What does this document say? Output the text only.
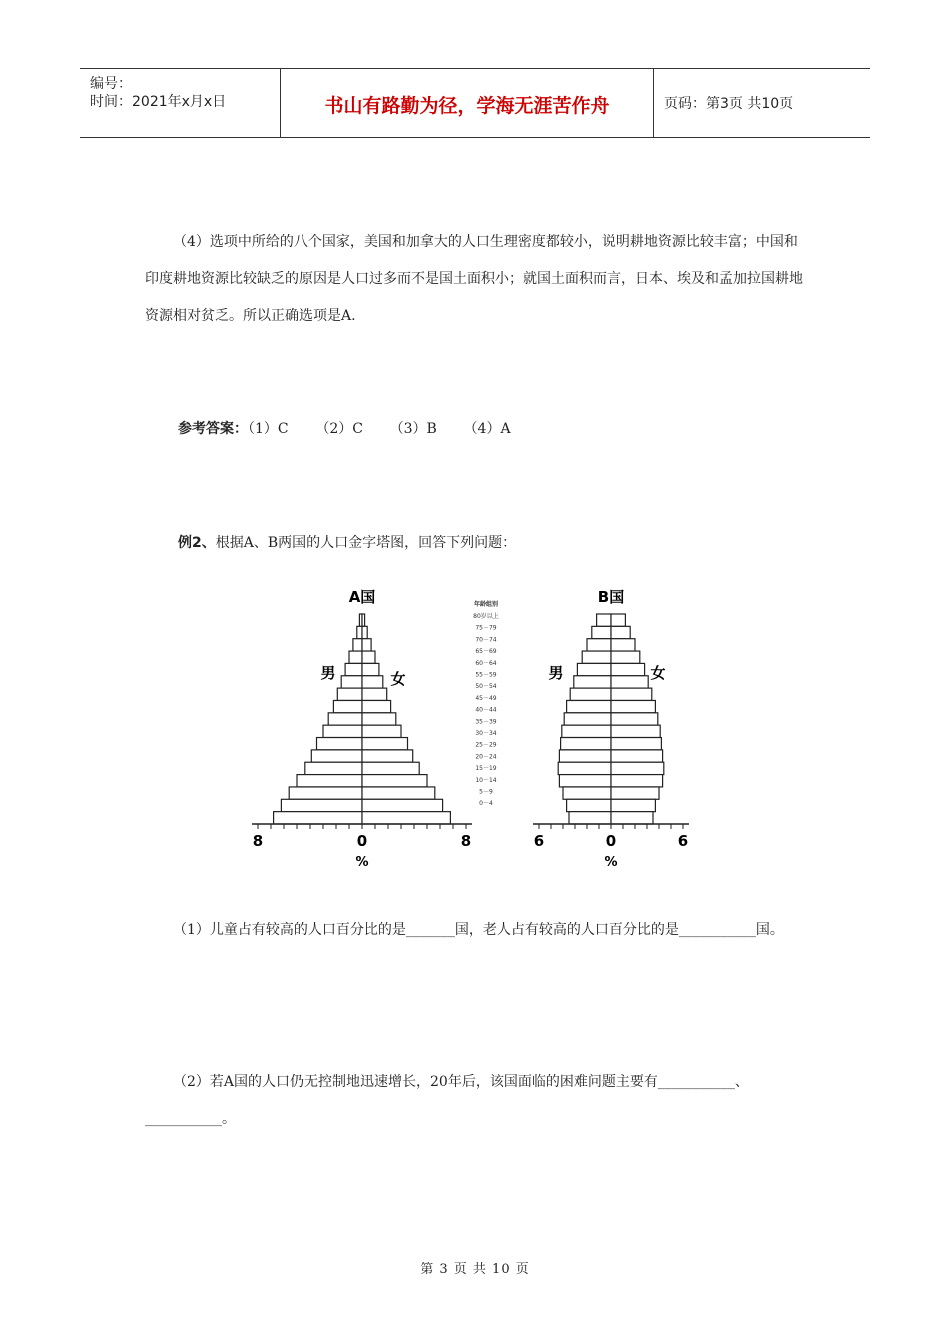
编号：
时间：2021年x月x日	书山有路勤为径，学海无涯苦作舟	页码：第3页 共10页
（4）选项中所给的八个国家，美国和加拿大的人口生理密度都较小，说明耕地资源比较丰富；中国和印度耕地资源比较缺乏的原因是人口过多而不是国土面积小；就国土面积而言，日本、埃及和孟加拉国耕地资源相对贫乏。所以正确选项是A.
参考答案：（1）C      （2）C      （3）B      （4）A
例2、根据A、B两国的人口金字塔图，回答下列问题：
8	0	8
%
A国
男	女
6	0	6
%
B国
男	女
年龄组别
80岁以上
75－79
70－74
65－69
60－64
55－59
50－54
45－49
40－44
35－39
30－34
25－29
20－24
15－19
10－14
5－9
0－4
（1）儿童占有较高的人口百分比的是_______国，老人占有较高的人口百分比的是___________国。
（2）若A国的人口仍无控制地迅速增长，20年后，该国面临的困难问题主要有___________、___________。
第 3 页 共 10 页
